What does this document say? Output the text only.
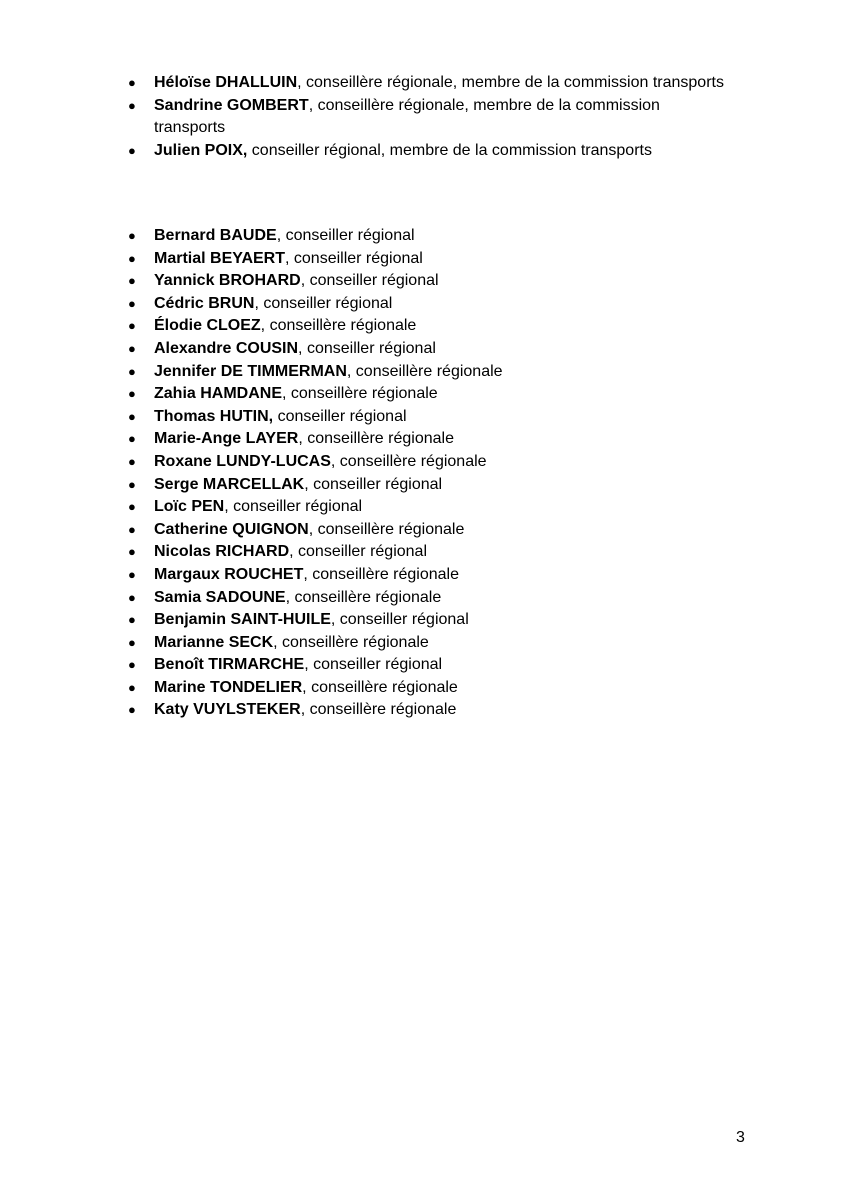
●	Héloïse DHALLUIN, conseillère régionale, membre de la commission transports
●	Sandrine GOMBERT, conseillère régionale, membre de la commission transports
●	Julien POIX, conseiller régional, membre de la commission transports
●	Bernard BAUDE, conseiller régional
●	Martial BEYAERT, conseiller régional
●	Yannick BROHARD, conseiller régional
●	Cédric BRUN, conseiller régional
●	Élodie CLOEZ, conseillère régionale
●	Alexandre COUSIN, conseiller régional
●	Jennifer DE TIMMERMAN, conseillère régionale
●	Zahia HAMDANE, conseillère régionale
●	Thomas HUTIN, conseiller régional
●	Marie-Ange LAYER, conseillère régionale
●	Roxane LUNDY-LUCAS, conseillère régionale
●	Serge MARCELLAK, conseiller régional
●	Loïc PEN, conseiller régional
●	Catherine QUIGNON, conseillère régionale
●	Nicolas RICHARD, conseiller régional
●	Margaux ROUCHET, conseillère régionale
●	Samia SADOUNE, conseillère régionale
●	Benjamin SAINT-HUILE, conseiller régional
●	Marianne SECK, conseillère régionale
●	Benoît TIRMARCHE, conseiller régional
●	Marine TONDELIER, conseillère régionale
●	Katy VUYLSTEKER, conseillère régionale
3
